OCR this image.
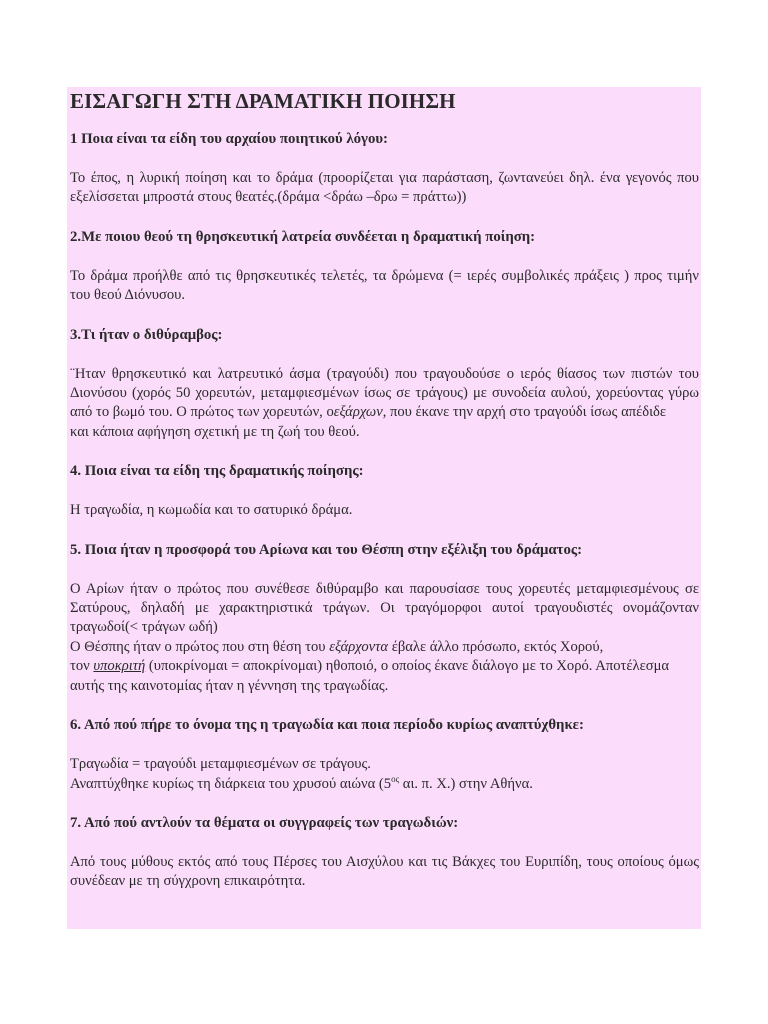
ΕΙΣΑΓΩΓΗ ΣΤΗ ΔΡΑΜΑΤΙΚΗ ΠΟΙΗΣΗ
1 Ποια είναι τα είδη του αρχαίου ποιητικού λόγου:
Το έπος, η λυρική ποίηση και το δράμα (προορίζεται για παράσταση, ζωντανεύει δηλ. ένα γεγονός που
εξελίσσεται μπροστά στους θεατές.(δράμα <δράω –δρω = πράττω))
2.Με ποιου θεού τη θρησκευτική λατρεία συνδέεται η δραματική ποίηση:
Το δράμα προήλθε από τις θρησκευτικές τελετές, τα δρώμενα (= ιερές συμβολικές πράξεις ) προς τιμήν
του θεού Διόνυσου.
3.Τι ήταν ο διθύραμβος:
¨Ηταν θρησκευτικό και λατρευτικό άσμα (τραγούδι) που τραγουδούσε ο ιερός θίασος των πιστών του
Διονύσου (χορός 50 χορευτών, μεταμφιεσμένων ίσως σε τράγους) με συνοδεία αυλού, χορεύοντας γύρω
από το βωμό του. Ο πρώτος των χορευτών, οεξάρχων, που έκανε την αρχή στο τραγούδι ίσως απέδιδε
και κάποια αφήγηση σχετική με τη ζωή του θεού.
4. Ποια είναι τα είδη της δραματικής ποίησης:
Η τραγωδία, η κωμωδία και το σατυρικό δράμα.
5. Ποια ήταν η προσφορά του Αρίωνα και του Θέσπη στην εξέλιξη του δράματος:
Ο Αρίων ήταν ο πρώτος που συνέθεσε διθύραμβο και παρουσίασε τους χορευτές μεταμφιεσμένους σε
Σατύρους, δηλαδή με χαρακτηριστικά τράγων. Οι τραγόμορφοι αυτοί τραγουδιστές ονομάζονταν
τραγωδοί(< τράγων ωδή)
Ο Θέσπης ήταν ο πρώτος που στη θέση του εξάρχοντα έβαλε άλλο πρόσωπο, εκτός Χορού,
τον υποκριτή (υποκρίνομαι = αποκρίνομαι) ηθοποιό, ο οποίος έκανε διάλογο με το Χορό. Αποτέλεσμα
αυτής της καινοτομίας ήταν η γέννηση της τραγωδίας.
6. Από πού πήρε το όνομα της η τραγωδία και ποια περίοδο κυρίως αναπτύχθηκε:
Τραγωδία = τραγούδι μεταμφιεσμένων σε τράγους.
Αναπτύχθηκε κυρίως τη διάρκεια του χρυσού αιώνα ($5^{o\varsigma}$ αι. π. Χ.) στην Αθήνα.
7. Από πού αντλούν τα θέματα οι συγγραφείς των τραγωδιών:
Από τους μύθους εκτός από τους Πέρσες του Αισχύλου και τις Βάκχες του Ευριπίδη, τους οποίους όμως
συνέδεαν με τη σύγχρονη επικαιρότητα.
